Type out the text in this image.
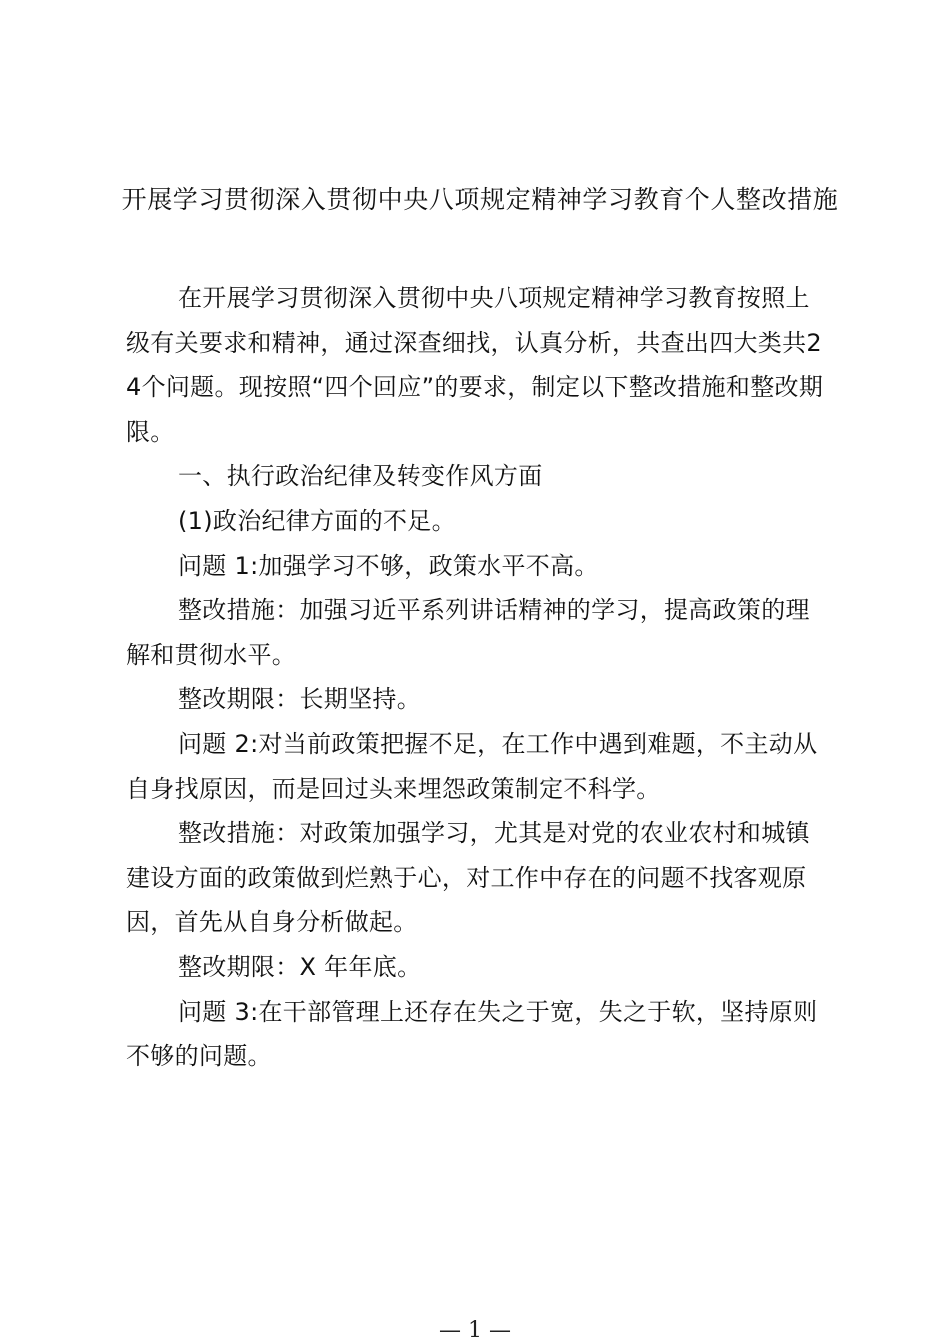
开展学习贯彻深入贯彻中央八项规定精神学习教育个人整改措施

在开展学习贯彻深入贯彻中央八项规定精神学习教育按照上级有关要求和精神，通过深查细找，认真分析，共查出四大类共24个问题。现按照“四个回应”的要求，制定以下整改措施和整改期限。

一、执行政治纪律及转变作风方面

(1)政治纪律方面的不足。

问题 1:加强学习不够，政策水平不高。

整改措施：加强习近平系列讲话精神的学习，提高政策的理解和贯彻水平。

整改期限：长期坚持。

问题 2:对当前政策把握不足，在工作中遇到难题，不主动从自身找原因，而是回过头来埋怨政策制定不科学。

整改措施：对政策加强学习，尤其是对党的农业农村和城镇建设方面的政策做到烂熟于心，对工作中存在的问题不找客观原因，首先从自身分析做起。

整改期限：X 年年底。

问题 3:在干部管理上还存在失之于宽，失之于软，坚持原则不够的问题。

— 1 —
